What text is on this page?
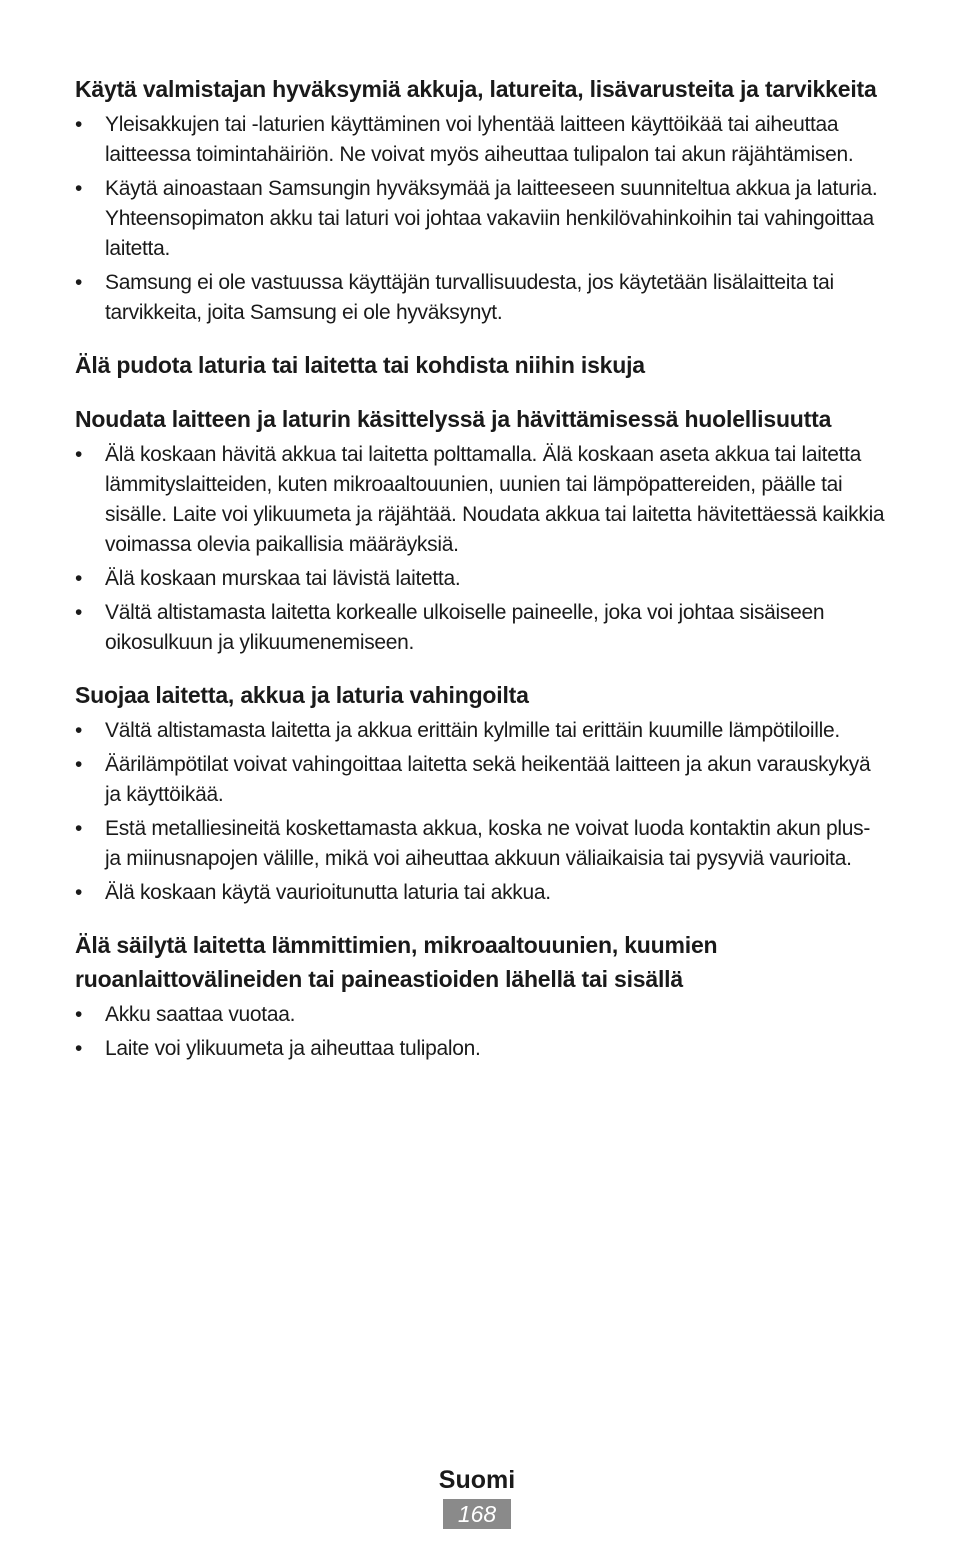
Käytä valmistajan hyväksymiä akkuja, latureita, lisävarusteita ja tarvikkeita
•	Yleisakkujen tai -laturien käyttäminen voi lyhentää laitteen käyttöikää tai aiheuttaa laitteessa toimintahäiriön. Ne voivat myös aiheuttaa tulipalon tai akun räjähtämisen.
•	Käytä ainoastaan Samsungin hyväksymää ja laitteeseen suunniteltua akkua ja laturia. Yhteensopimaton akku tai laturi voi johtaa vakaviin henkilövahinkoihin tai vahingoittaa laitetta.
•	Samsung ei ole vastuussa käyttäjän turvallisuudesta, jos käytetään lisälaitteita tai tarvikkeita, joita Samsung ei ole hyväksynyt.
Älä pudota laturia tai laitetta tai kohdista niihin iskuja
Noudata laitteen ja laturin käsittelyssä ja hävittämisessä huolellisuutta
•	Älä koskaan hävitä akkua tai laitetta polttamalla. Älä koskaan aseta akkua tai laitetta lämmityslaitteiden, kuten mikroaaltouunien, uunien tai lämpöpattereiden, päälle tai sisälle. Laite voi ylikuumeta ja räjähtää. Noudata akkua tai laitetta hävitettäessä kaikkia voimassa olevia paikallisia määräyksiä.
•	Älä koskaan murskaa tai lävistä laitetta.
•	Vältä altistamasta laitetta korkealle ulkoiselle paineelle, joka voi johtaa sisäiseen oikosulkuun ja ylikuumenemiseen.
Suojaa laitetta, akkua ja laturia vahingoilta
•	Vältä altistamasta laitetta ja akkua erittäin kylmille tai erittäin kuumille lämpötiloille.
•	Äärilämpötilat voivat vahingoittaa laitetta sekä heikentää laitteen ja akun varauskykyä ja käyttöikää.
•	Estä metalliesineitä koskettamasta akkua, koska ne voivat luoda kontaktin akun plus- ja miinusnapojen välille, mikä voi aiheuttaa akkuun väliaikaisia tai pysyviä vaurioita.
•	Älä koskaan käytä vaurioitunutta laturia tai akkua.
Älä säilytä laitetta lämmittimien, mikroaaltouunien, kuumien ruoanlaittovälineiden tai paineastioiden lähellä tai sisällä
•	Akku saattaa vuotaa.
•	Laite voi ylikuumeta ja aiheuttaa tulipalon.
Suomi
168
